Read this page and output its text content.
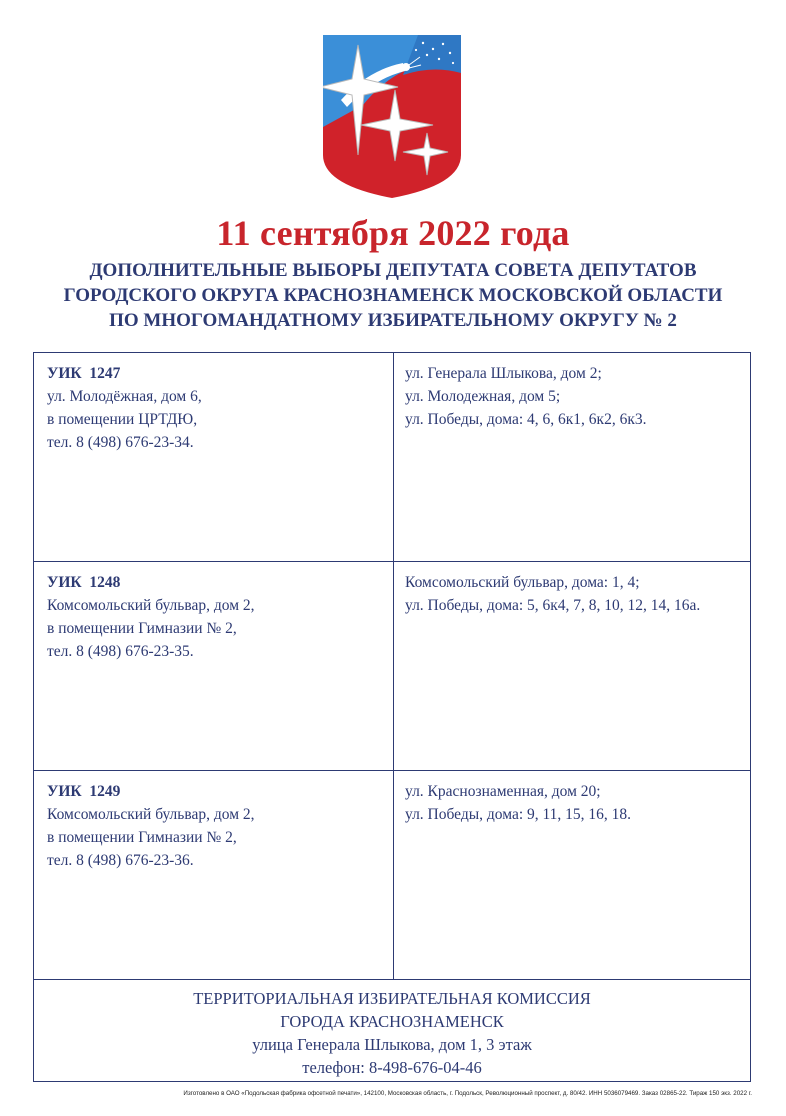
11 сентября 2022 года
ДОПОЛНИТЕЛЬНЫЕ ВЫБОРЫ ДЕПУТАТА СОВЕТА ДЕПУТАТОВ
ГОРОДСКОГО ОКРУГА КРАСНОЗНАМЕНСК МОСКОВСКОЙ ОБЛАСТИ
ПО МНОГОМАНДАТНОМУ ИЗБИРАТЕЛЬНОМУ ОКРУГУ № 2
УИК  1247
ул. Молодёжная, дом 6,
в помещении ЦРТДЮ,
тел. 8 (498) 676-23-34.
ул. Генерала Шлыкова, дом 2;
ул. Молодежная, дом 5;
ул. Победы, дома: 4, 6, 6к1, 6к2, 6к3.
УИК  1248
Комсомольский бульвар, дом 2,
в помещении Гимназии № 2,
тел. 8 (498) 676-23-35.
Комсомольский бульвар, дома: 1, 4;
ул. Победы, дома: 5, 6к4, 7, 8, 10, 12, 14, 16а.
УИК  1249
Комсомольский бульвар, дом 2,
в помещении Гимназии № 2,
тел. 8 (498) 676-23-36.
ул. Краснознаменная, дом 20;
ул. Победы, дома: 9, 11, 15, 16, 18.
ТЕРРИТОРИАЛЬНАЯ ИЗБИРАТЕЛЬНАЯ КОМИССИЯ
ГОРОДА КРАСНОЗНАМЕНСК
улица Генерала Шлыкова, дом 1, 3 этаж
телефон: 8-498-676-04-46
Изготовлено в ОАО «Подольская фабрика офсетной печати», 142100, Московская область, г. Подольск, Революционный проспект, д. 80/42. ИНН 5036079469. Заказ 02865-22. Тираж 150 экз. 2022 г.
